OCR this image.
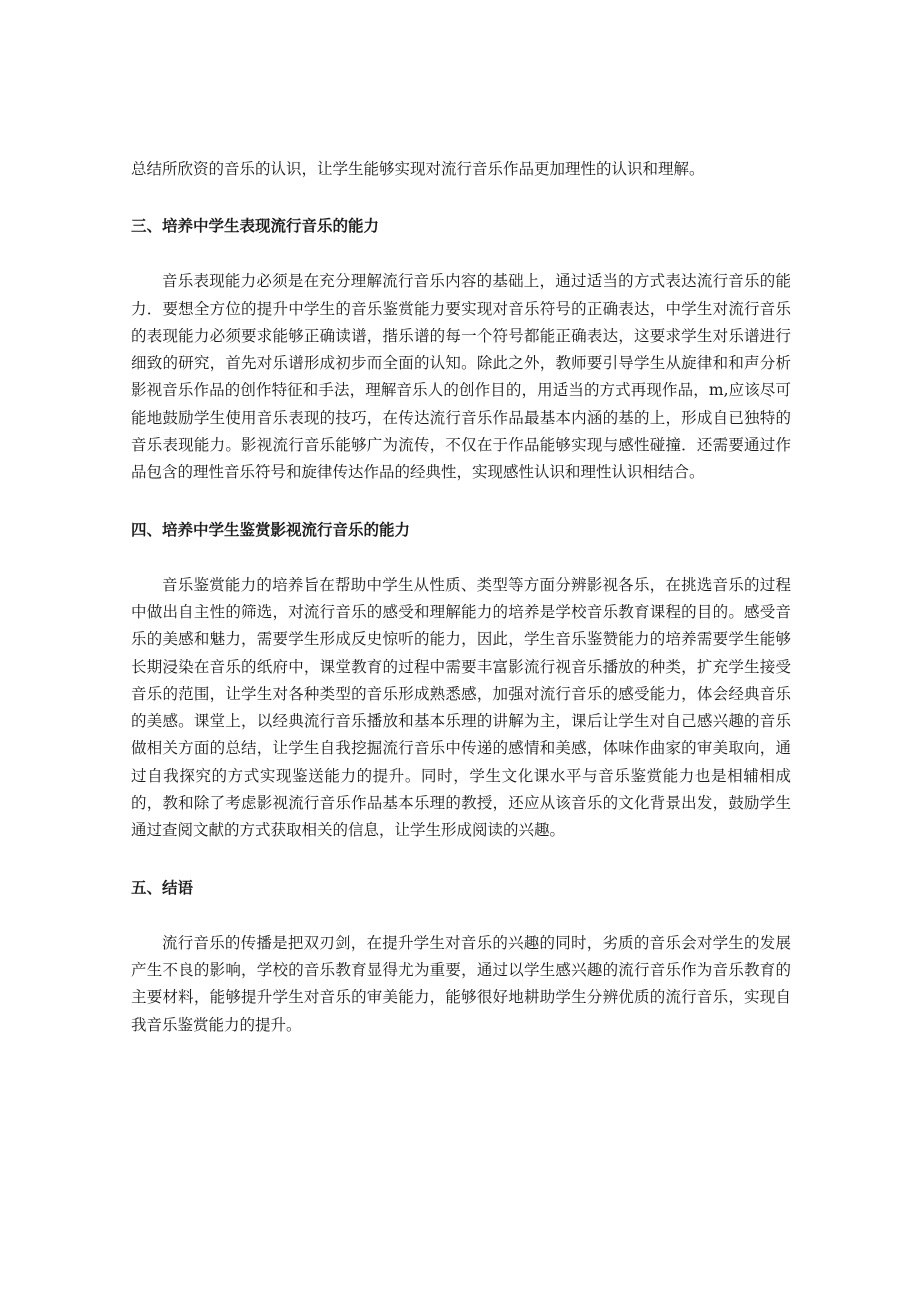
总结所欣资的音乐的认识，让学生能够实现对流行音乐作品更加理性的认识和理解。

三、培养中学生表现流行音乐的能力

音乐表现能力必须是在充分理解流行音乐内容的基础上，通过适当的方式表达流行音乐的能力．要想全方位的提升中学生的音乐鉴赏能力要实现对音乐符号的正确表达，中学生对流行音乐的表现能力必须要求能够正确读谱，揩乐谱的每一个符号都能正确表达，这要求学生对乐谱进行细致的研究，首先对乐谱形成初步而全面的认知。除此之外，教师要引导学生从旋律和和声分析影视音乐作品的创作特征和手法，理解音乐人的创作目的，用适当的方式再现作品，m,应该尽可能地鼓励学生使用音乐表现的技巧，在传达流行音乐作品最基本内涵的基的上，形成自已独特的音乐表现能力。影视流行音乐能够广为流传，不仅在于作品能够实现与感性碰撞．还需要通过作品包含的理性音乐符号和旋律传达作品的经典性，实现感性认识和理性认识相结合。

四、培养中学生鉴赏影视流行音乐的能力

音乐鉴赏能力的培养旨在帮助中学生从性质、类型等方面分辨影视各乐，在挑选音乐的过程中做出自主性的筛选，对流行音乐的感受和理解能力的培养是学校音乐教育课程的目的。感受音乐的美感和魅力，需要学生形成反史惊听的能力，因此，学生音乐鉴赞能力的培养需要学生能够长期浸染在音乐的纸府中，课堂教育的过程中需要丰富影流行视音乐播放的种类，扩充学生接受音乐的范围，让学生对各种类型的音乐形成熟悉感，加强对流行音乐的感受能力，体会经典音乐的美感。课堂上，以经典流行音乐播放和基本乐理的讲解为主，课后让学生对自己感兴趣的音乐做相关方面的总结，让学生自我挖掘流行音乐中传递的感情和美感，体味作曲家的审美取向，通过自我探究的方式实现鉴送能力的提升。同时，学生文化课水平与音乐鉴赏能力也是相辅相成的，教和除了考虑影视流行音乐作品基本乐理的教授，还应从该音乐的文化背景出发，鼓励学生通过查阅文献的方式获取相关的信息，让学生形成阅读的兴趣。

五、结语

流行音乐的传播是把双刃剑，在提升学生对音乐的兴趣的同时，劣质的音乐会对学生的发展产生不良的影响，学校的音乐教育显得尤为重要，通过以学生感兴趣的流行音乐作为音乐教育的主要材料，能够提升学生对音乐的审美能力，能够很好地耕助学生分辨优质的流行音乐，实现自我音乐鉴赏能力的提升。
